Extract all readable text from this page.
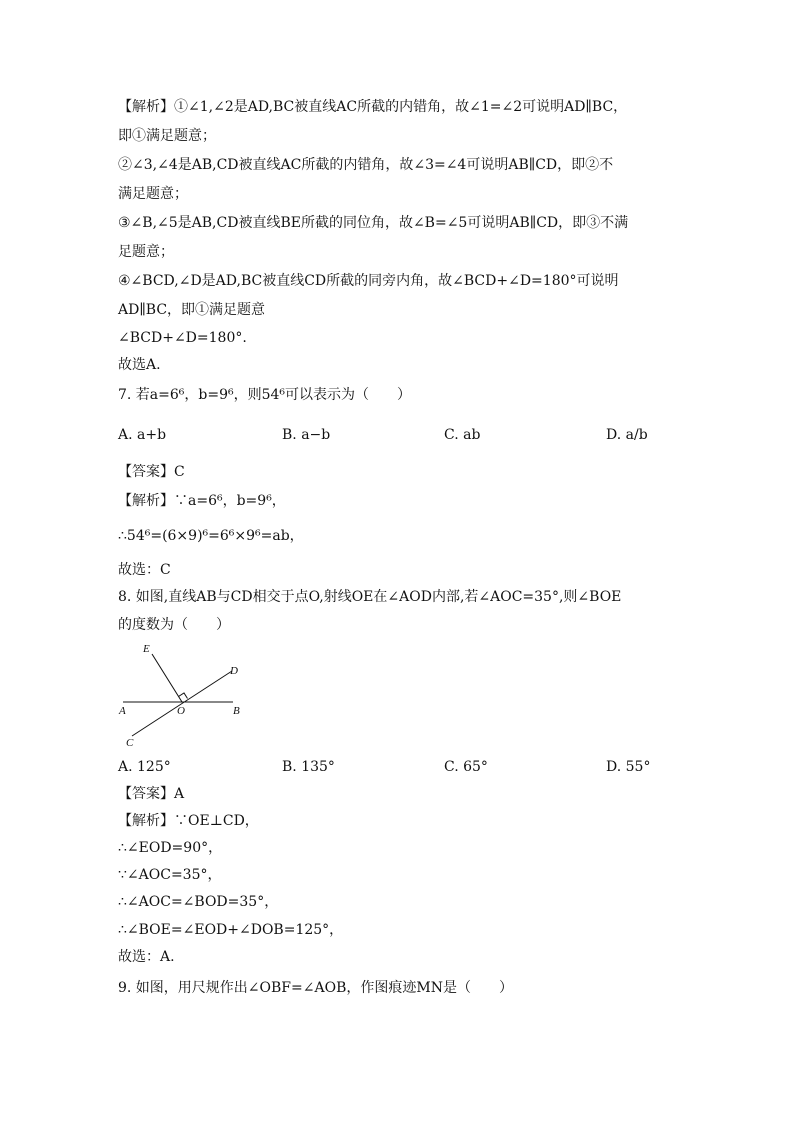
【解析】①∠1,∠2是AD,BC被直线AC所截的内错角，故∠1=∠2可说明AD∥BC，
即①满足题意；
②∠3,∠4是AB,CD被直线AC所截的内错角，故∠3=∠4可说明AB∥CD，即②不
满足题意；
③∠B,∠5是AB,CD被直线BE所截的同位角，故∠B=∠5可说明AB∥CD，即③不满
足题意；
④∠BCD,∠D是AD,BC被直线CD所截的同旁内角，故∠BCD+∠D=180°可说明
AD∥BC，即①满足题意
∠BCD+∠D=180°.
故选A.
7. 若a=6⁶，b=9⁶，则54⁶可以表示为（　　）
A. a+b	B. a−b	C. ab	D. a/b
【答案】C
【解析】∵a=6⁶，b=9⁶，
∴54⁶=(6×9)⁶=6⁶×9⁶=ab，
故选：C
8. 如图,直线AB与CD相交于点O,射线OE在∠AOD内部,若∠AOC=35°,则∠BOE
的度数为（　　）
E
D
A	O	B
C
A. 125°	B. 135°	C. 65°	D. 55°
【答案】A
【解析】∵OE⊥CD，
∴∠EOD=90°，
∵∠AOC=35°，
∴∠AOC=∠BOD=35°，
∴∠BOE=∠EOD+∠DOB=125°，
故选：A.
9. 如图，用尺规作出∠OBF=∠AOB，作图痕迹MN是（　　）
